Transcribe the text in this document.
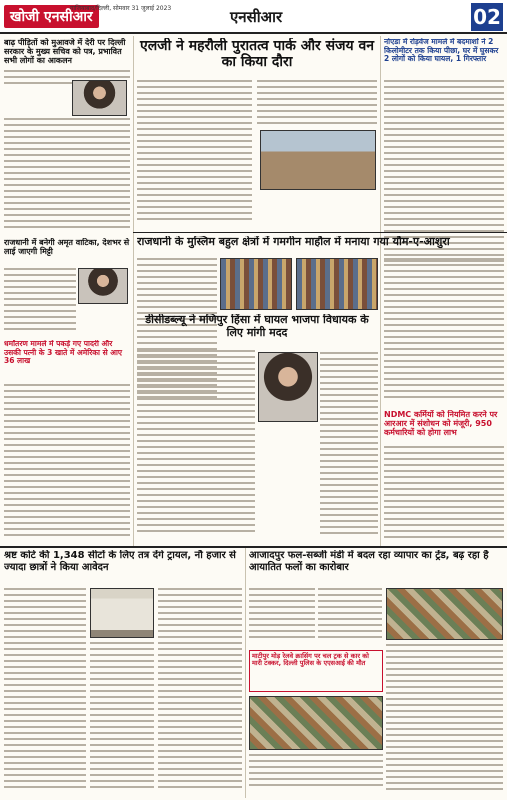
खोजी एनसीआर
गाजियाबाद/दिल्ली, सोमवार 31 जुलाई 2023	एनसीआर	02
बाढ़ पीड़ितों को मुआवजे में देरी पर दिल्ली सरकार के मुख्य सचिव को पत्र, प्रभावित सभी लोगों का आकलन
एलजी ने महरौली पुरातत्व पार्क और संजय वन का किया दौरा
नोएडा में रोड़वेज मामले में बदमाशों ने 2 किलोमीटर तक किया पीछा, घर में घुसकर 2 लोगों को किया घायल, 1 गिरफ्तार
राजधानी के मुस्लिम बहुल क्षेत्रों में गमगीन माहौल में मनाया गया यौम-ए-आशुरा
राजधानी में बनेगी अमृत वाटिका, देशभर से लाई जाएगी मिट्टी
धर्मांतरण मामले में पकड़े गए पादरी और उसकी पत्नी के 3 खाते में अमेरिका से आए 36 लाख
डीसीडब्ल्यू ने मणिपुर हिंसा में घायल भाजपा विधायक के लिए मांगी मदद
NDMC कर्मियों को नियमित करने पर आरआर में संशोधन को मंजूरी, 950 कर्मचारियों को होगा लाभ
श्रष्ट कोटे की 1,348 सीटों के लिए तत्र देंगे ट्रायल, नौ हजार से ज्यादा छात्रों ने किया आवेदन
आजादपुर फल-सब्जी मंडी में बदल रहा व्यापार का ट्रेंड, बढ़ रहा है आयातित फलों का कारोबार
माटीपुर मोड़ रेलवे क्रासिंग पर चल ट्रक से कार को मारी टक्कर, दिल्ली पुलिस के एएसआई की मौत
